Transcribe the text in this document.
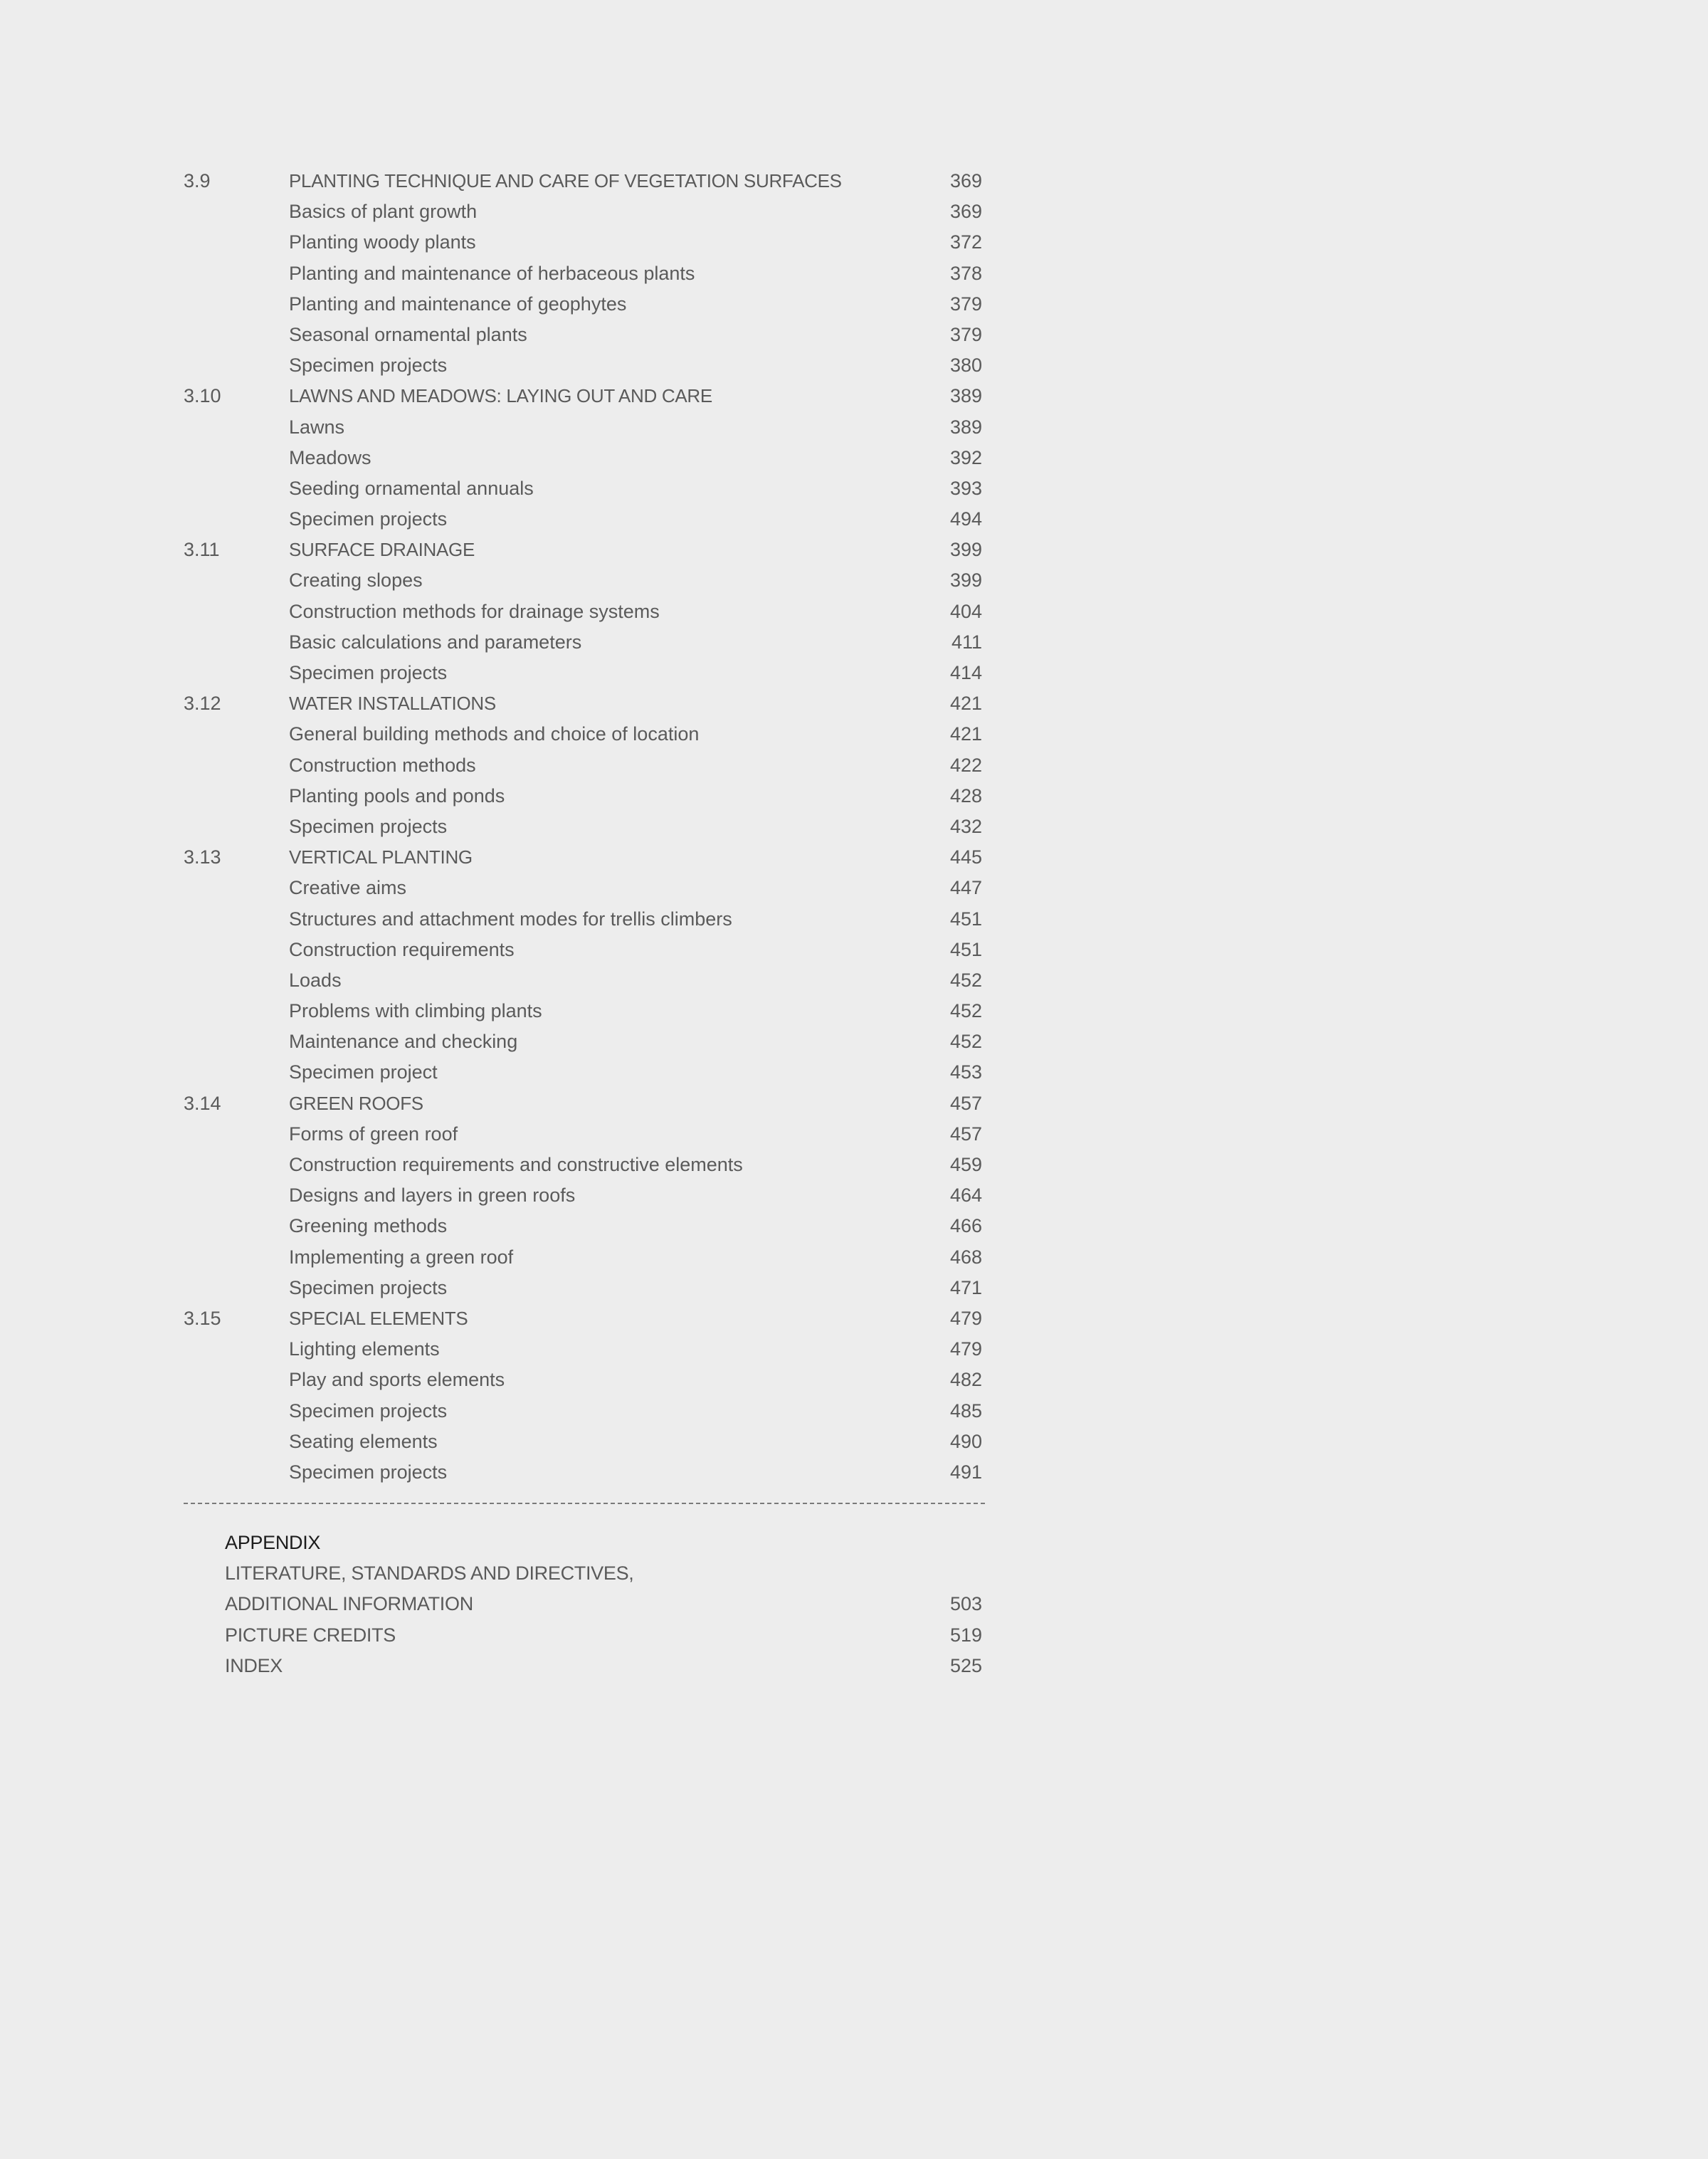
3.9	PLANTING TECHNIQUE AND CARE OF VEGETATION SURFACES	369
Basics of plant growth	369
Planting woody plants	372
Planting and maintenance of herbaceous plants	378
Planting and maintenance of geophytes	379
Seasonal ornamental plants	379
Specimen projects	380
3.10	LAWNS AND MEADOWS: LAYING OUT AND CARE	389
Lawns	389
Meadows	392
Seeding ornamental annuals	393
Specimen projects	494
3.11	SURFACE DRAINAGE	399
Creating slopes	399
Construction methods for drainage systems	404
Basic calculations and parameters	411
Specimen projects	414
3.12	WATER INSTALLATIONS	421
General building methods and choice of location	421
Construction methods	422
Planting pools and ponds	428
Specimen projects	432
3.13	VERTICAL PLANTING	445
Creative aims	447
Structures and attachment modes for trellis climbers	451
Construction requirements	451
Loads	452
Problems with climbing plants	452
Maintenance and checking	452
Specimen project	453
3.14	GREEN ROOFS	457
Forms of green roof	457
Construction requirements and constructive elements	459
Designs and layers in green roofs	464
Greening methods	466
Implementing a green roof	468
Specimen projects	471
3.15	SPECIAL ELEMENTS	479
Lighting elements	479
Play and sports elements	482
Specimen projects	485
Seating elements	490
Specimen projects	491
APPENDIX
LITERATURE, STANDARDS AND DIRECTIVES,
ADDITIONAL INFORMATION	503
PICTURE CREDITS	519
INDEX	525
